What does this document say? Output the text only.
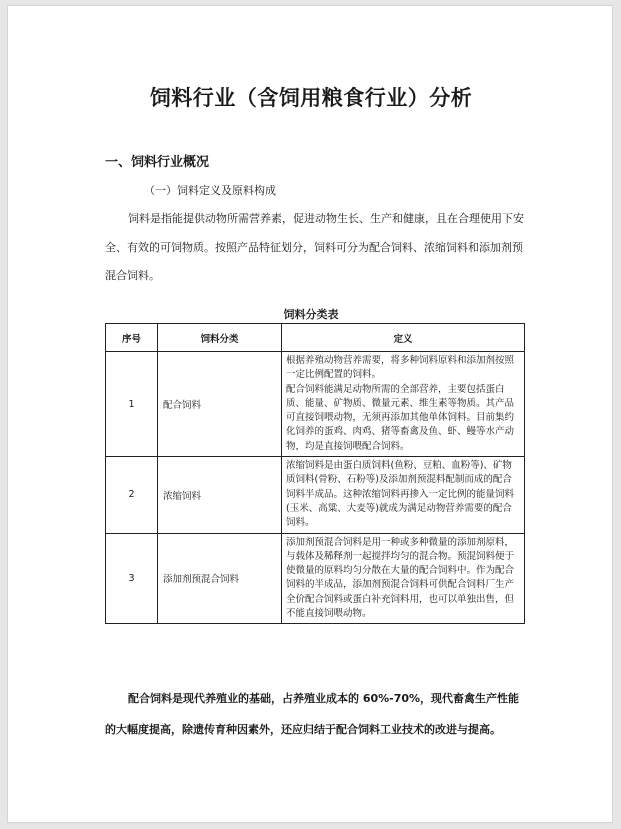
饲料行业（含饲用粮食行业）分析
一、饲料行业概况
（一）饲料定义及原料构成

饲料是指能提供动物所需营养素，促进动物生长、生产和健康，且在合理使用下安全、有效的可饲物质。按照产品特征划分，饲料可分为配合饲料、浓缩饲料和添加剂预混合饲料。

饲料分类表
序号	饲料分类	定义
1	配合饲料	根据养殖动物营养需要，将多种饲料原料和添加剂按照一定比例配置的饲料。

配合饲料能满足动物所需的全部营养，主要包括蛋白质、能量、矿物质、微量元素、维生素等物质。其产品可直接饲喂动物，无须再添加其他单体饲料。目前集约化饲养的蛋鸡、肉鸡、猪等畜禽及鱼、虾、鳗等水产动物，均是直接饲喂配合饲料。

2	浓缩饲料	浓缩饲料是由蛋白质饲料(鱼粉、豆粕、血粉等)、矿物质饲料(骨粉、石粉等)及添加剂预混料配制而成的配合饲料半成品。这种浓缩饲料再掺入一定比例的能量饲料(玉米、高粱、大麦等)就成为满足动物营养需要的配合饲料。

3	添加剂预混合饲料	添加剂预混合饲料是用一种或多种微量的添加剂原料，与载体及稀释剂一起搅拌均匀的混合物。预混饲料便于使微量的原料均匀分散在大量的配合饲料中。作为配合饲料的半成品，添加剂预混合饲料可供配合饲料厂生产全价配合饲料或蛋白补充饲料用，也可以单独出售，但不能直接饲喂动物。

配合饲料是现代养殖业的基础，占养殖业成本的 60%-70%，现代畜禽生产性能的大幅度提高，除遗传育种因素外，还应归结于配合饲料工业技术的改进与提高。
